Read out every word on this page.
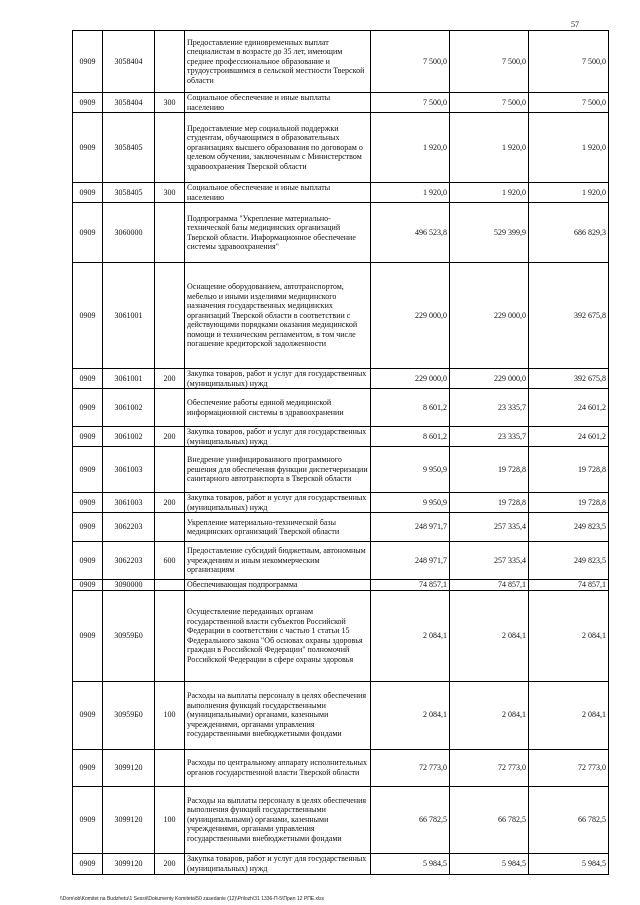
57
0909	3058404		Предоставление единовременных выплат специалистам в возрасте до 35 лет, имеющим среднее профессиональное образование и трудоустроившимся в сельской местности Тверской области	7 500,0	7 500,0	7 500,0
0909	3058404	300	Социальное обеспечение и иные выплаты населению	7 500,0	7 500,0	7 500,0
0909	3058405		Предоставление мер социальной поддержки студентам, обучающимся в образовательных организациях высшего образования по договорам о целевом обучении, заключенным с Министерством здравоохранения Тверской области	1 920,0	1 920,0	1 920,0
0909	3058405	300	Социальное обеспечение и иные выплаты населению	1 920,0	1 920,0	1 920,0
0909	3060000		Подпрограмма "Укрепление материально-технической базы медицинских организаций Тверской области. Информационное обеспечение системы здравоохранения"	496 523,8	529 399,9	686 829,3
0909	3061001		Оснащение оборудованием, автотранспортом, мебелью и иными изделиями медицинского назначения государственных медицинских организаций Тверской области в соответствии с действующими порядками оказания медицинской помощи и техническим регламентом, в том числе погашение кредиторской задолженности	229 000,0	229 000,0	392 675,8
0909	3061001	200	Закупка товаров, работ и услуг для государственных (муниципальных) нужд	229 000,0	229 000,0	392 675,8
0909	3061002		Обеспечение работы единой медицинской информационной системы в здравоохранении	8 601,2	23 335,7	24 601,2
0909	3061002	200	Закупка товаров, работ и услуг для государственных (муниципальных) нужд	8 601,2	23 335,7	24 601,2
0909	3061003		Внедрение унифицированного программного решения для обеспечения функции диспетчеризации санитарного автотранспорта в Тверской области	9 950,9	19 728,8	19 728,8
0909	3061003	200	Закупка товаров, работ и услуг для государственных (муниципальных) нужд	9 950,9	19 728,8	19 728,8
0909	3062203		Укрепление материально-технической базы медицинских организаций Тверской области	248 971,7	257 335,4	249 823,5
0909	3062203	600	Предоставление субсидий бюджетным, автономным учреждениям и иным некоммерческим организациям	248 971,7	257 335,4	249 823,5
0909	3090000		Обеспечивающая подпрограмма	74 857,1	74 857,1	74 857,1
0909	30959Б0		Осуществление переданных органам государственной власти субъектов Российской Федерации в соответствии с частью 1 статьи 15 Федерального закона "Об основах охраны здоровья граждан в Российской Федерации" полномочий Российской Федерации в сфере охраны здоровья	2 084,1	2 084,1	2 084,1
0909	30959Б0	100	Расходы на выплаты персоналу в целях обеспечения выполнения функций государственными (муниципальными) органами, казенными учреждениями, органами управления государственными внебюджетными фондами	2 084,1	2 084,1	2 084,1
0909	3099120		Расходы по центральному аппарату исполнительных органов государственной власти Тверской области	72 773,0	72 773,0	72 773,0
0909	3099120	100	Расходы на выплаты персоналу в целях обеспечения выполнения функций государственными (муниципальными) органами, казенными учреждениями, органами управления государственными внебюджетными фондами	66 782,5	66 782,5	66 782,5
0909	3099120	200	Закупка товаров, работ и услуг для государственных (муниципальных) нужд	5 984,5	5 984,5	5 984,5
\\Dom\ob\Komitet na Budzhetu\1 Sessii\Dokumenty Komiteta\50 zasedanie (12)\Prilozh\31 1336-П-5\Прил 12 РПЕ.xlsx
